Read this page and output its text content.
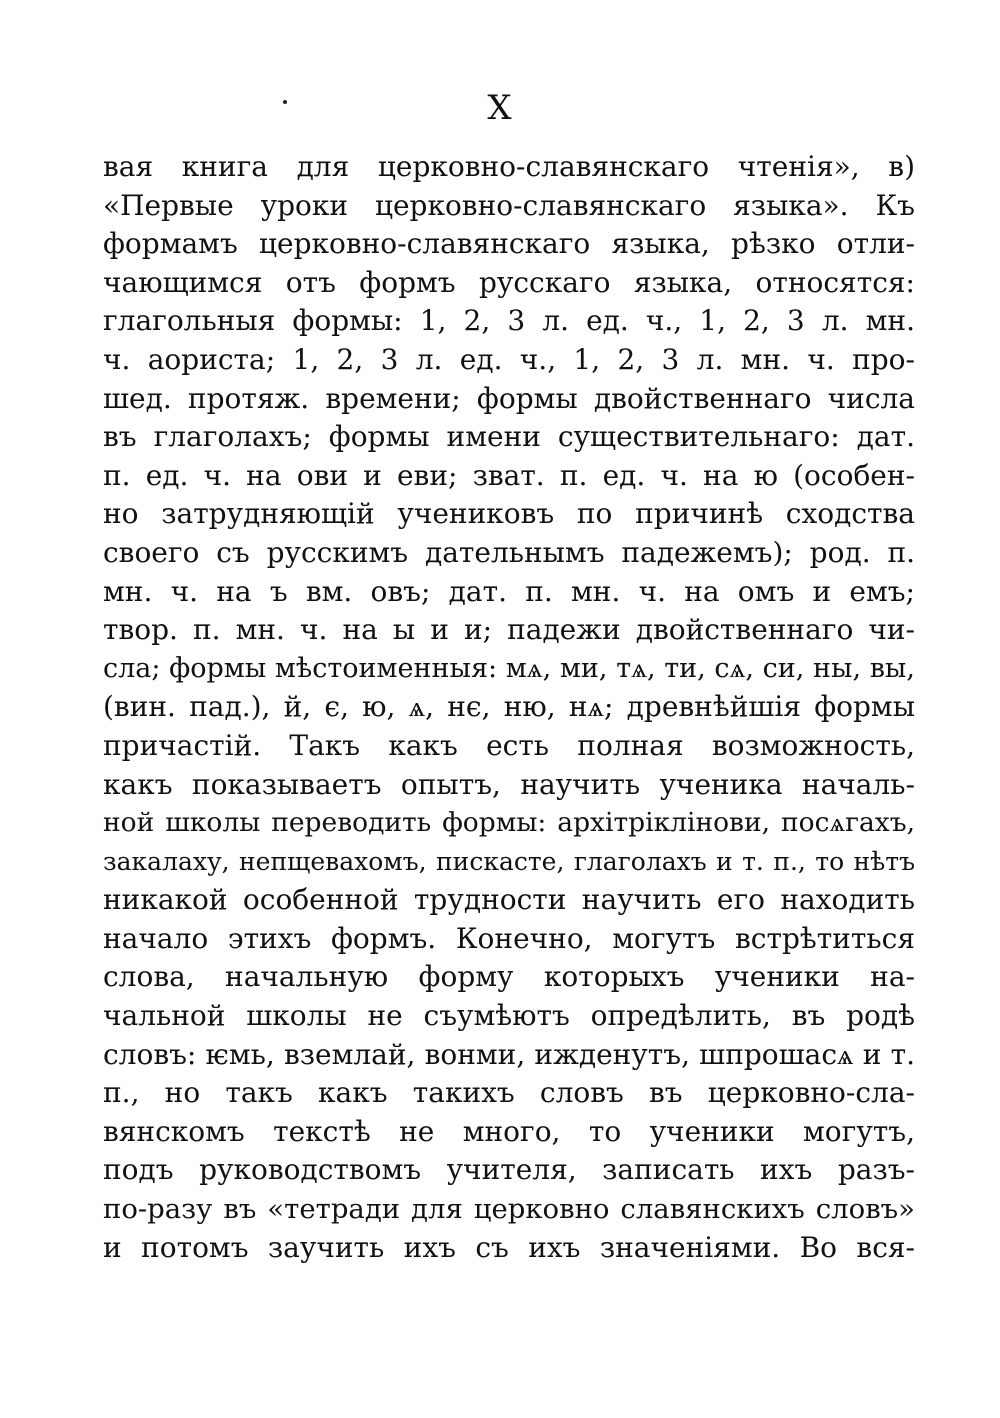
X
вая книга для церковно-славянскаго чтенія», в)
«Первые уроки церковно-славянскаго языка». Къ
формамъ церковно-славянскаго языка, рѣзко отли-
чающимся отъ формъ русскаго языка, относятся:
глагольныя формы: 1, 2, 3 л. ед. ч., 1, 2, 3 л. мн.
ч. аориста; 1, 2, 3 л. ед. ч., 1, 2, 3 л. мн. ч. про-
шед. протяж. времени; формы двойственнаго числа
въ глаголахъ; формы имени существительнаго: дат.
п. ед. ч. на ови и еви; зват. п. ед. ч. на ю (особен-
но затрудняющій учениковъ по причинѣ сходства
своего съ русскимъ дательнымъ падежемъ); род. п.
мн. ч. на ъ вм. овъ; дат. п. мн. ч. на омъ и емъ;
твор. п. мн. ч. на ы и и; падежи двойственнаго чи-
сла; формы мѣстоименныя: мѧ, ми, тѧ, ти, сѧ, си, ны, вы,
(вин. пад.), й, є, ю, ѧ, нє, ню, нѧ; древнѣйшія формы
причастій. Такъ какъ есть полная возможность,
какъ показываетъ опытъ, научить ученика началь-
ной школы переводить формы: архітріклінови, посѧгахъ,
закалаху, непщевахомъ, пискасте, глаголахъ и т. п., то нѣтъ
никакой особенной трудности научить его находить
начало этихъ формъ. Конечно, могутъ встрѣтиться
слова, начальную форму которыхъ ученики на-
чальной школы не съумѣютъ опредѣлить, въ родѣ
словъ: ѥмь, вземлай, вонми, ижденутъ, шпрошасѧ и т.
п., но такъ какъ такихъ словъ въ церковно-сла-
вянскомъ текстѣ не много, то ученики могутъ,
подъ руководствомъ учителя, записать ихъ разъ-
по-разу въ «тетради для церковно славянскихъ словъ»
и потомъ заучить ихъ съ ихъ значеніями. Во вся-
